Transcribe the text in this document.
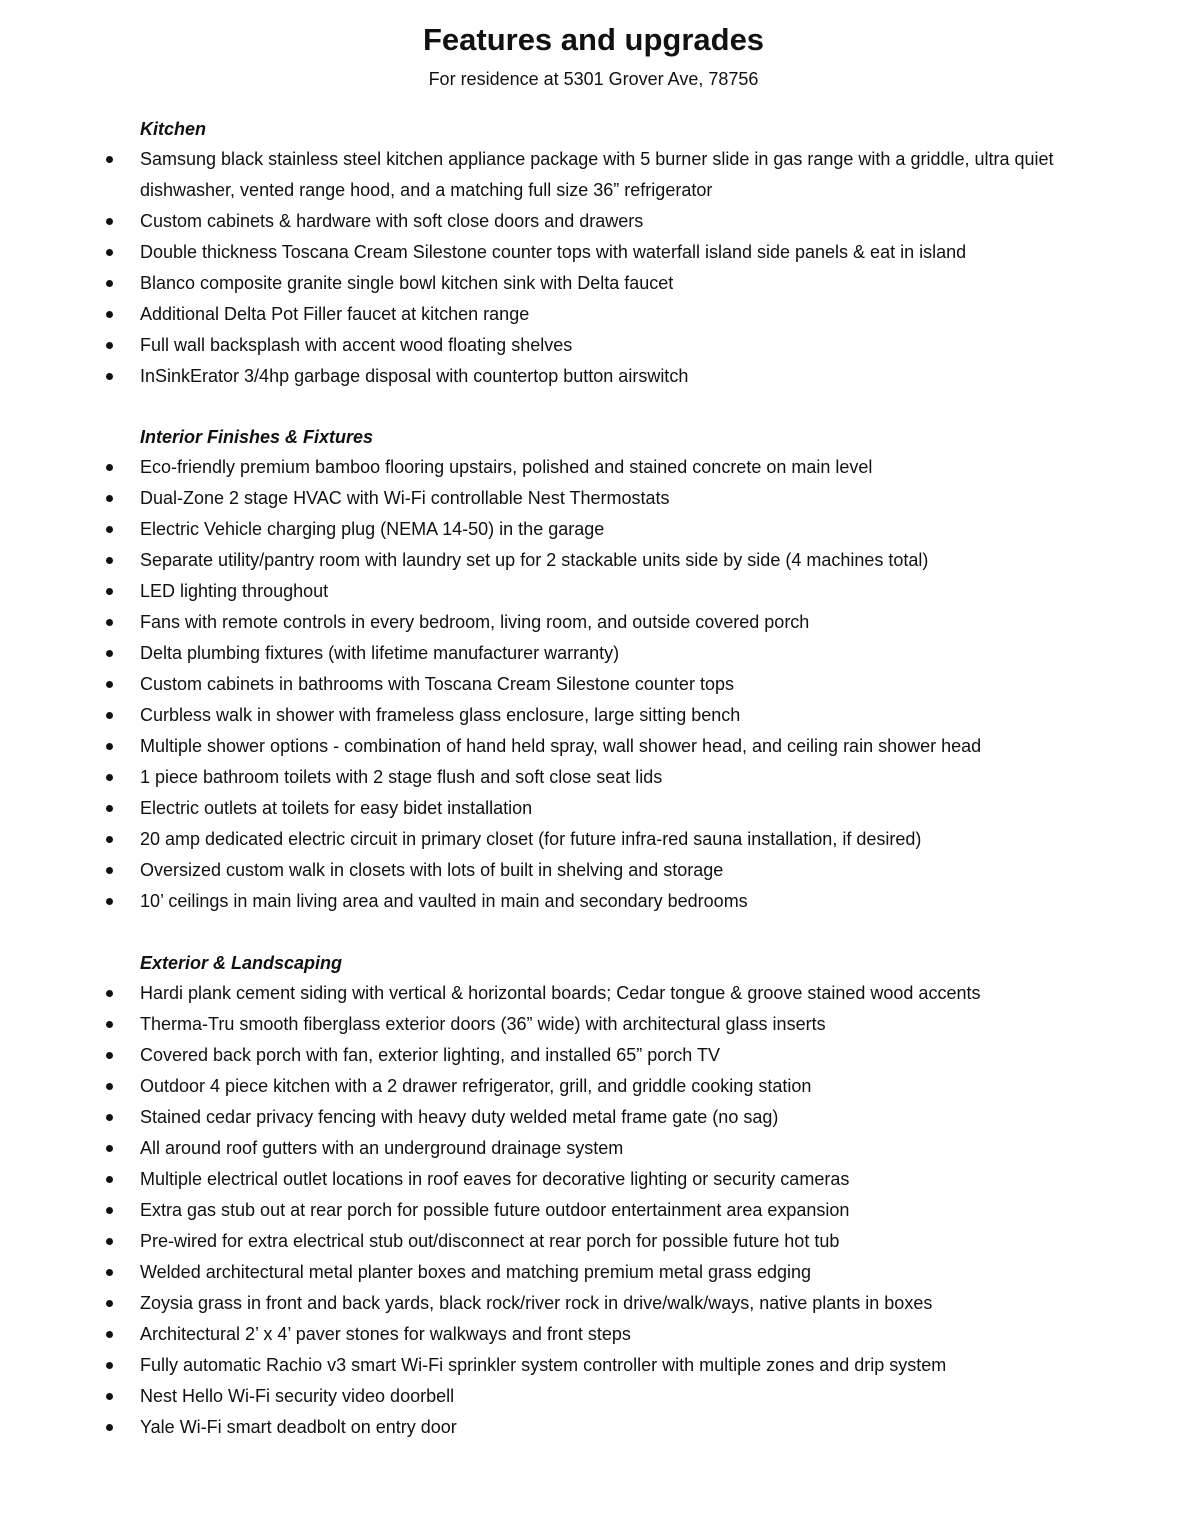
Features and upgrades
For residence at 5301 Grover Ave, 78756
Kitchen
Samsung black stainless steel kitchen appliance package with 5 burner slide in gas range with a griddle, ultra quiet dishwasher, vented range hood, and a matching full size 36” refrigerator
Custom cabinets & hardware with soft close doors and drawers
Double thickness Toscana Cream Silestone counter tops with waterfall island side panels & eat in island
Blanco composite granite single bowl kitchen sink with Delta faucet
Additional Delta Pot Filler faucet at kitchen range
Full wall backsplash with accent wood floating shelves
InSinkErator 3/4hp garbage disposal with countertop button airswitch
Interior Finishes & Fixtures
Eco-friendly premium bamboo flooring upstairs, polished and stained concrete on main level
Dual-Zone 2 stage HVAC with Wi-Fi controllable Nest Thermostats
Electric Vehicle charging plug (NEMA 14-50) in the garage
Separate utility/pantry room with laundry set up for 2 stackable units side by side (4 machines total)
LED lighting throughout
Fans with remote controls in every bedroom, living room, and outside covered porch
Delta plumbing fixtures (with lifetime manufacturer warranty)
Custom cabinets in bathrooms with Toscana Cream Silestone counter tops
Curbless walk in shower with frameless glass enclosure, large sitting bench
Multiple shower options - combination of hand held spray, wall shower head, and ceiling rain shower head
1 piece bathroom toilets with 2 stage flush and soft close seat lids
Electric outlets at toilets for easy bidet installation
20 amp dedicated electric circuit in primary closet (for future infra-red sauna installation, if desired)
Oversized custom walk in closets with lots of built in shelving and storage
10’ ceilings in main living area and vaulted in main and secondary bedrooms
Exterior & Landscaping
Hardi plank cement siding with vertical & horizontal boards; Cedar tongue & groove stained wood accents
Therma-Tru smooth fiberglass exterior doors (36” wide) with architectural glass inserts
Covered back porch with fan, exterior lighting, and installed 65” porch TV
Outdoor 4 piece kitchen with a 2 drawer refrigerator, grill, and griddle cooking station
Stained cedar privacy fencing with heavy duty welded metal frame gate (no sag)
All around roof gutters with an underground drainage system
Multiple electrical outlet locations in roof eaves for decorative lighting or security cameras
Extra gas stub out at rear porch for possible future outdoor entertainment area expansion
Pre-wired for extra electrical stub out/disconnect at rear porch for possible future hot tub
Welded architectural metal planter boxes and matching premium metal grass edging
Zoysia grass in front and back yards, black rock/river rock in drive/walk/ways, native plants in boxes
Architectural 2’ x 4’ paver stones for walkways and front steps
Fully automatic Rachio v3 smart Wi-Fi sprinkler system controller with multiple zones and drip system
Nest Hello Wi-Fi security video doorbell
Yale Wi-Fi smart deadbolt on entry door
